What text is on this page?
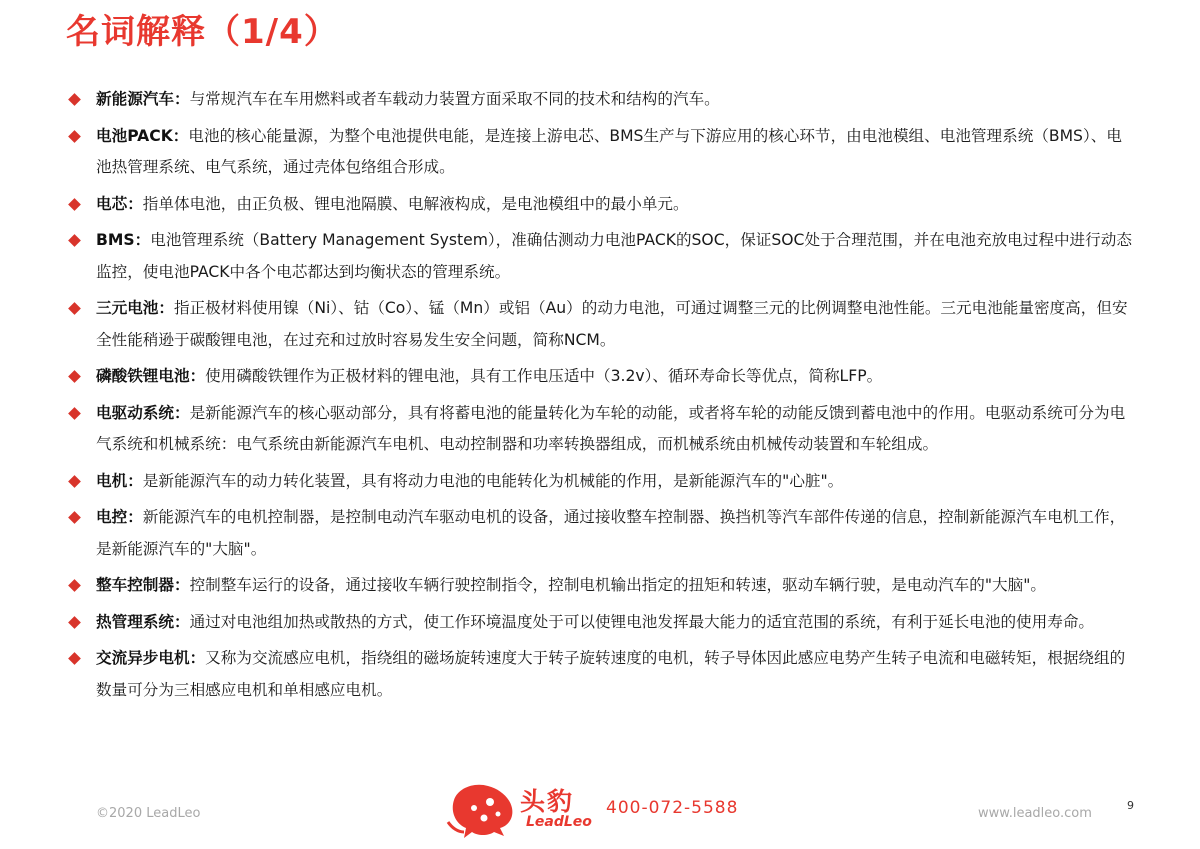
名词解释（1/4）
新能源汽车：与常规汽车在车用燃料或者车载动力装置方面采取不同的技术和结构的汽车。
电池PACK：电池的核心能量源，为整个电池提供电能，是连接上游电芯、BMS生产与下游应用的核心环节，由电池模组、电池管理系统（BMS）、电池热管理系统、电气系统，通过壳体包络组合形成。
电芯：指单体电池，由正负极、锂电池隔膜、电解液构成，是电池模组中的最小单元。
BMS：电池管理系统（Battery Management System），准确估测动力电池PACK的SOC，保证SOC处于合理范围，并在电池充放电过程中进行动态监控，使电池PACK中各个电芯都达到均衡状态的管理系统。
三元电池：指正极材料使用镍（Ni）、钴（Co）、锰（Mn）或铝（Au）的动力电池，可通过调整三元的比例调整电池性能。三元电池能量密度高，但安全性能稍逊于碳酸锂电池，在过充和过放时容易发生安全问题，简称NCM。
磷酸铁锂电池：使用磷酸铁锂作为正极材料的锂电池，具有工作电压适中（3.2v）、循环寿命长等优点，简称LFP。
电驱动系统：是新能源汽车的核心驱动部分，具有将蓄电池的能量转化为车轮的动能，或者将车轮的动能反馈到蓄电池中的作用。电驱动系统可分为电气系统和机械系统：电气系统由新能源汽车电机、电动控制器和功率转换器组成，而机械系统由机械传动装置和车轮组成。
电机：是新能源汽车的动力转化装置，具有将动力电池的电能转化为机械能的作用，是新能源汽车的"心脏"。
电控：新能源汽车的电机控制器，是控制电动汽车驱动电机的设备，通过接收整车控制器、换挡机等汽车部件传递的信息，控制新能源汽车电机工作，是新能源汽车的"大脑"。
整车控制器：控制整车运行的设备，通过接收车辆行驶控制指令，控制电机输出指定的扭矩和转速，驱动车辆行驶，是电动汽车的"大脑"。
热管理系统：通过对电池组加热或散热的方式，使工作环境温度处于可以使锂电池发挥最大能力的适宜范围的系统，有利于延长电池的使用寿命。
交流异步电机：又称为交流感应电机，指绕组的磁场旋转速度大于转子旋转速度的电机，转子导体因此感应电势产生转子电流和电磁转矩，根据绕组的数量可分为三相感应电机和单相感应电机。
©2020 LeadLeo	头豹
LeadLeo
400-072-5588	www.leadleo.com
9
